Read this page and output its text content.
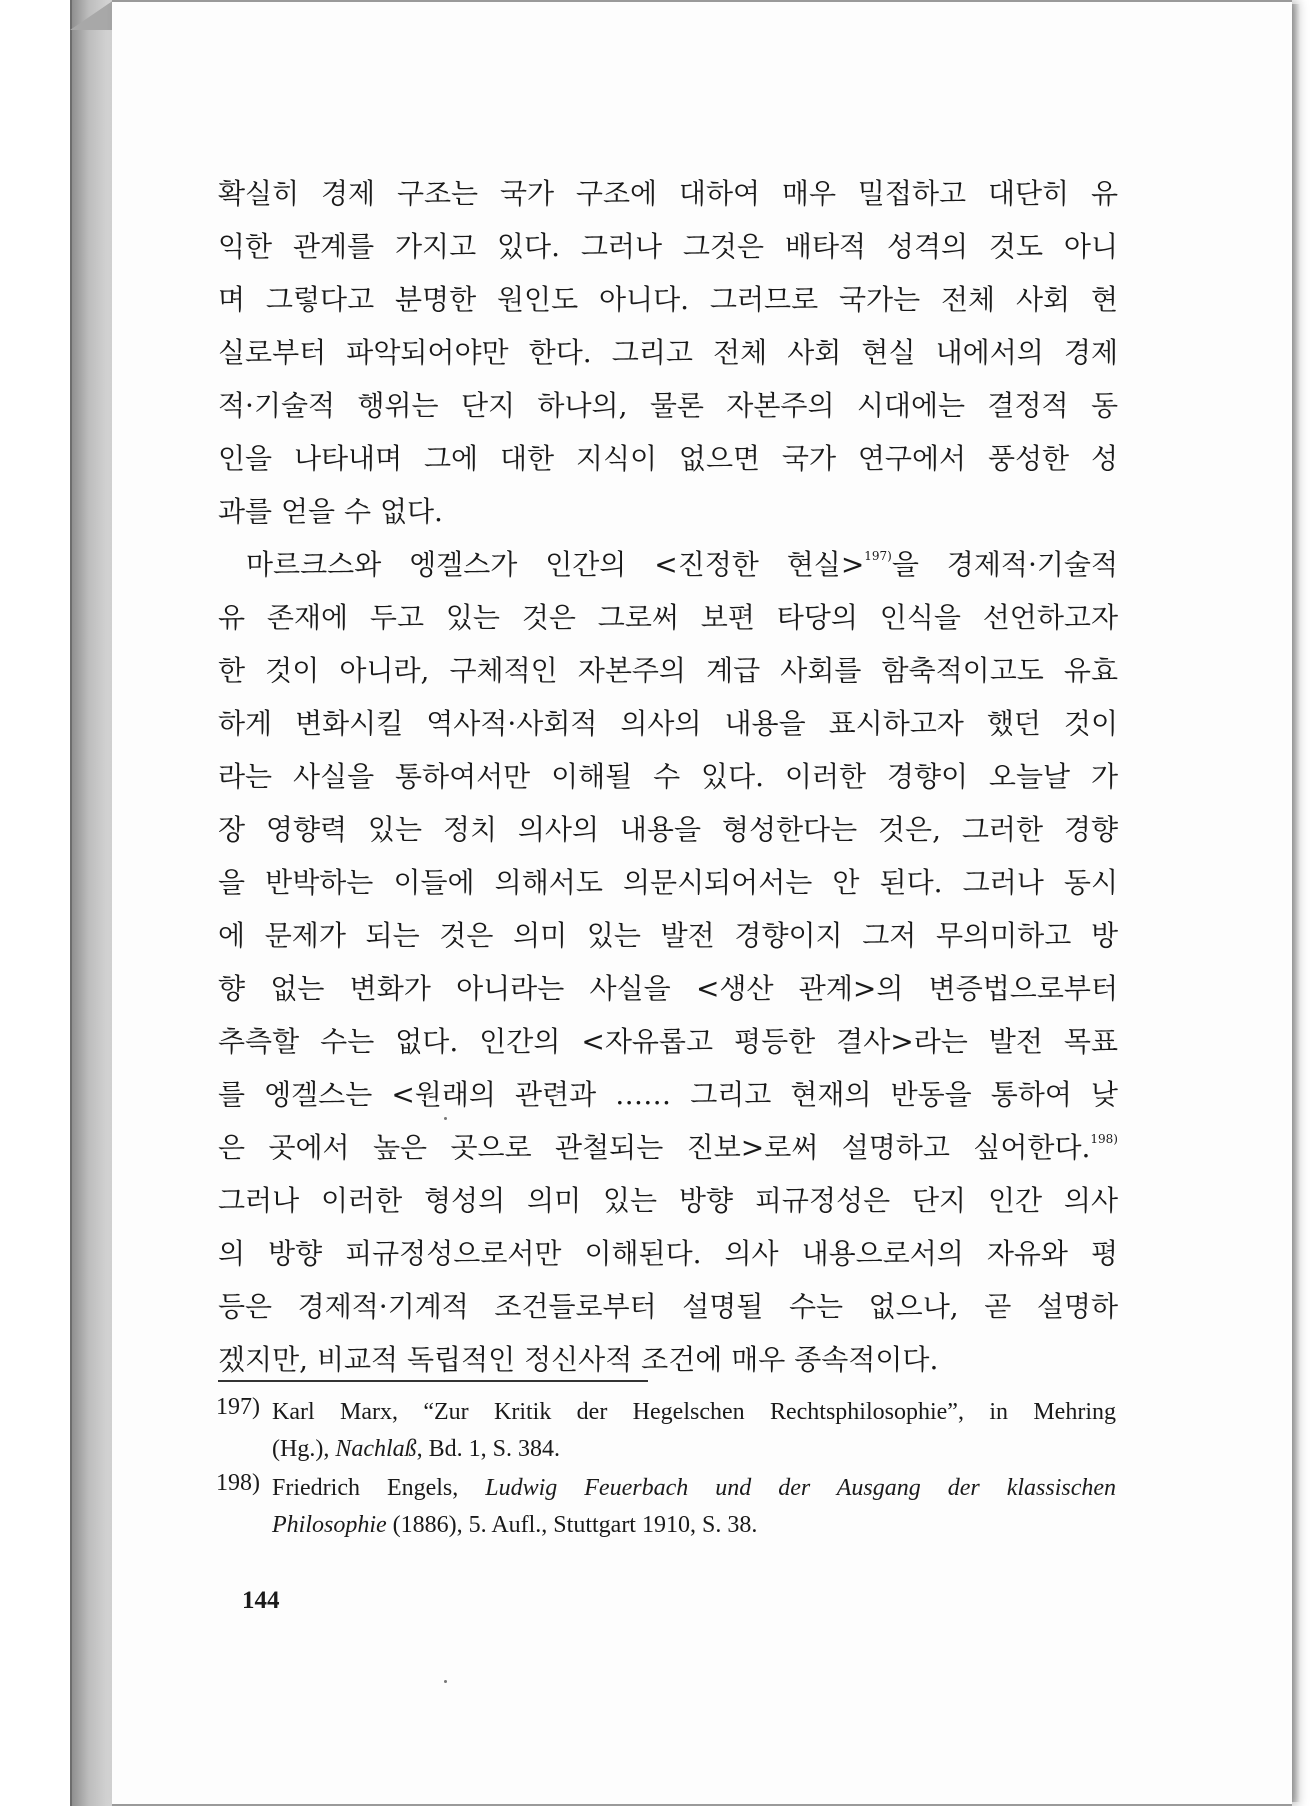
확실히 경제 구조는 국가 구조에 대하여 매우 밀접하고 대단히 유
익한 관계를 가지고 있다. 그러나 그것은 배타적 성격의 것도 아니
며 그렇다고 분명한 원인도 아니다. 그러므로 국가는 전체 사회 현
실로부터 파악되어야만 한다. 그리고 전체 사회 현실 내에서의 경제
적·기술적 행위는 단지 하나의, 물론 자본주의 시대에는 결정적 동
인을 나타내며 그에 대한 지식이 없으면 국가 연구에서 풍성한 성
과를 얻을 수 없다.
마르크스와 엥겔스가 인간의 <진정한 현실>$^{197)}$을 경제적·기술적
유 존재에 두고 있는 것은 그로써 보편 타당의 인식을 선언하고자
한 것이 아니라, 구체적인 자본주의 계급 사회를 함축적이고도 유효
하게 변화시킬 역사적·사회적 의사의 내용을 표시하고자 했던 것이
라는 사실을 통하여서만 이해될 수 있다. 이러한 경향이 오늘날 가
장 영향력 있는 정치 의사의 내용을 형성한다는 것은, 그러한 경향
을 반박하는 이들에 의해서도 의문시되어서는 안 된다. 그러나 동시
에 문제가 되는 것은 의미 있는 발전 경향이지 그저 무의미하고 방
향 없는 변화가 아니라는 사실을 <생산 관계>의 변증법으로부터
추측할 수는 없다. 인간의 <자유롭고 평등한 결사>라는 발전 목표
를 엥겔스는 <원래의 관련과 …… 그리고 현재의 반동을 통하여 낮
은 곳에서 높은 곳으로 관철되는 진보>로써 설명하고 싶어한다.$^{198)}$
그러나 이러한 형성의 의미 있는 방향 피규정성은 단지 인간 의사
의 방향 피규정성으로서만 이해된다. 의사 내용으로서의 자유와 평
등은 경제적·기계적 조건들로부터 설명될 수는 없으나, 곧 설명하
겠지만, 비교적 독립적인 정신사적 조건에 매우 종속적이다.
197) Karl Marx, “Zur Kritik der Hegelschen Rechtsphilosophie”, in Mehring
(Hg.), Nachlaß, Bd. 1, S. 384.
198) Friedrich Engels, Ludwig Feuerbach und der Ausgang der klassischen
Philosophie (1886), 5. Aufl., Stuttgart 1910, S. 38.
144
